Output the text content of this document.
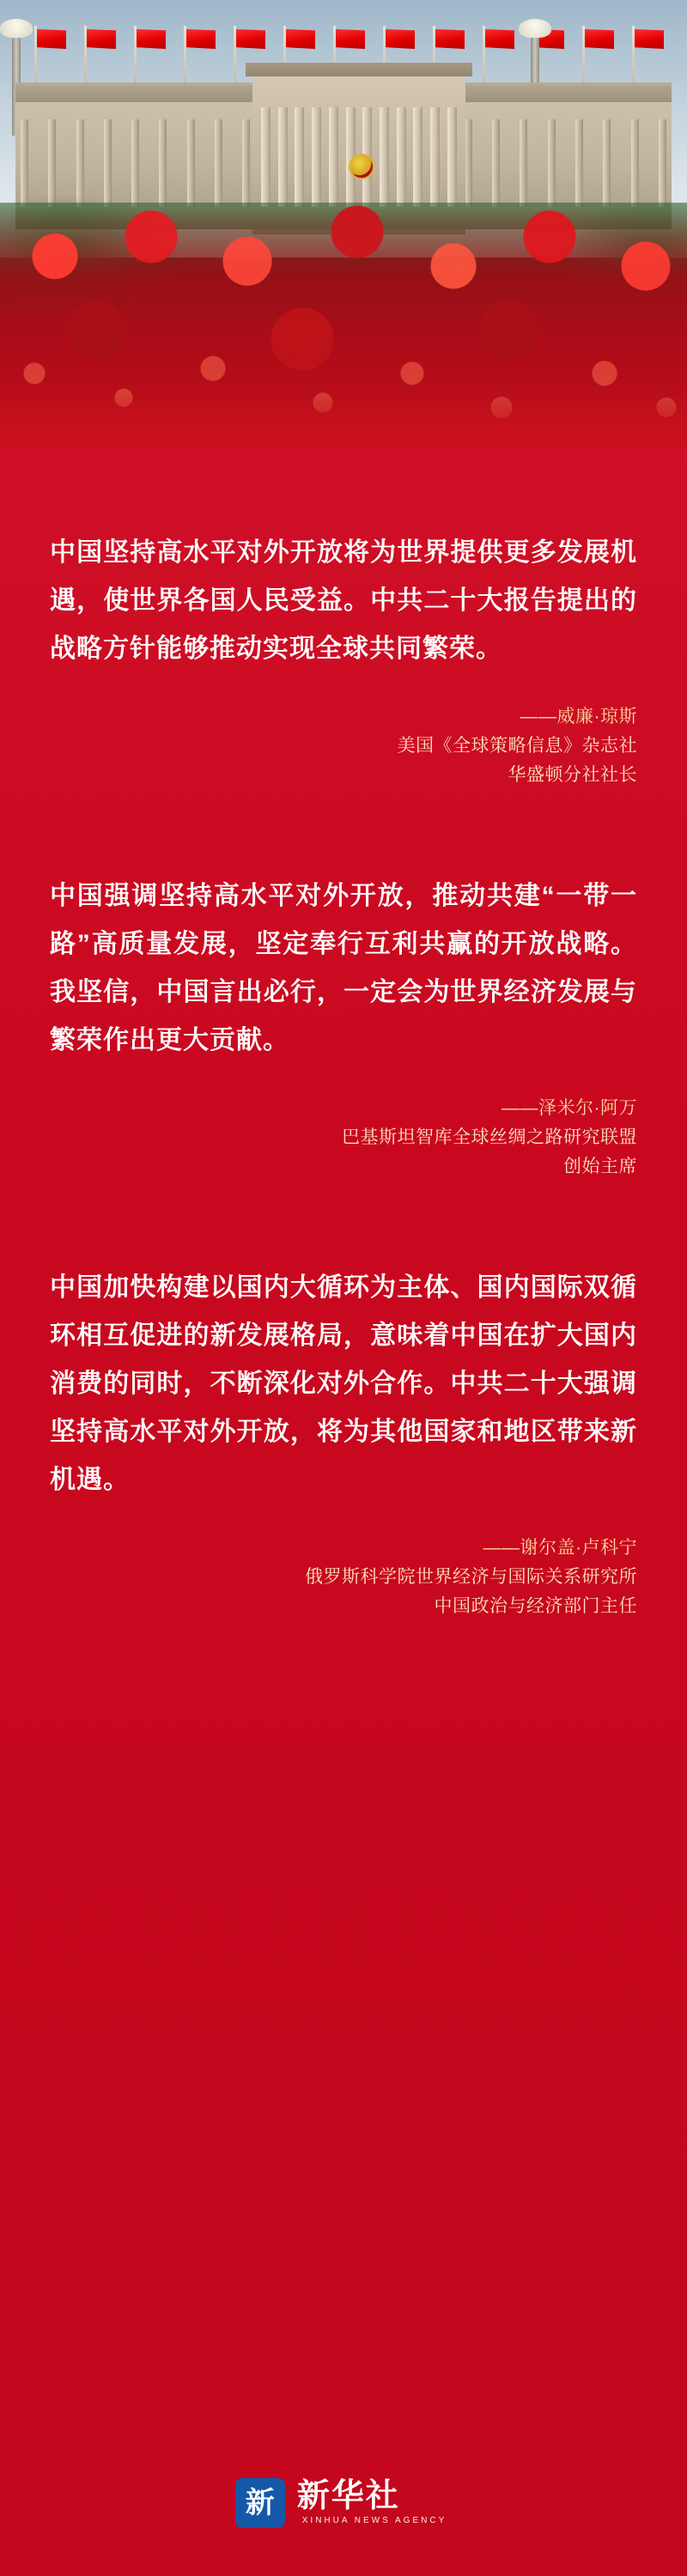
中国坚持高水平对外开放将为世界提供更多发展机遇，使世界各国人民受益。中共二十大报告提出的战略方针能够推动实现全球共同繁荣。

——威廉·琼斯
美国《全球策略信息》杂志社
华盛顿分社社长

中国强调坚持高水平对外开放，推动共建“一带一路”高质量发展，坚定奉行互利共赢的开放战略。我坚信，中国言出必行，一定会为世界经济发展与繁荣作出更大贡献。

——泽米尔·阿万
巴基斯坦智库全球丝绸之路研究联盟
创始主席

中国加快构建以国内大循环为主体、国内国际双循环相互促进的新发展格局，意味着中国在扩大国内消费的同时，不断深化对外合作。中共二十大强调坚持高水平对外开放，将为其他国家和地区带来新机遇。

——谢尔盖·卢科宁
俄罗斯科学院世界经济与国际关系研究所
中国政治与经济部门主任
新 新华社
XINHUA NEWS AGENCY
